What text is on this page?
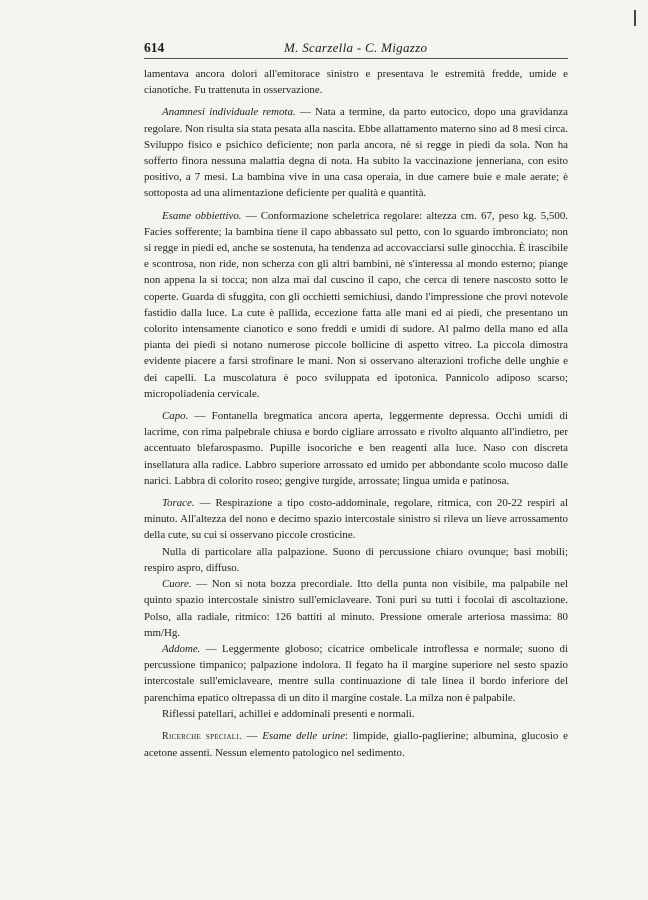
614	M. Scarzella - C. Migazzo

lamentava ancora dolori all'emitorace sinistro e presentava le estremità fredde, umide e cianotiche. Fu trattenuta in osservazione.

Anamnesi individuale remota. — Nata a termine, da parto eutocico, dopo una gravidanza regolare. Non risulta sia stata pesata alla nascita. Ebbe allattamento materno sino ad 8 mesi circa. Sviluppo fisico e psichico deficiente; non parla ancora, nè si regge in piedi da sola. Non ha sofferto finora nessuna malattia degna di nota. Ha subito la vaccinazione jenneriana, con esito positivo, a 7 mesi. La bambina vive in una casa operaia, in due camere buie e male aerate; è sottoposta ad una alimentazione deficiente per qualità e quantità.

Esame obbiettivo. — Conformazione scheletrica regolare: altezza cm. 67, peso kg. 5,500. Facies sofferente; la bambina tiene il capo abbassato sul petto, con lo sguardo imbronciato; non si regge in piedi ed, anche se sostenuta, ha tendenza ad accovacciarsi sulle ginocchia. È irascibile e scontrosa, non ride, non scherza con gli altri bambini, nè s'interessa al mondo esterno; piange non appena la si tocca; non alza mai dal cuscino il capo, che cerca di tenere nascosto sotto le coperte. Guarda di sfuggita, con gli occhietti semichiusi, dando l'impressione che provi notevole fastidio dalla luce. La cute è pallida, eccezione fatta alle mani ed ai piedi, che presentano un colorito intensamente cianotico e sono freddi e umidi di sudore. Al palmo della mano ed alla pianta dei piedi si notano numerose piccole bollicine di aspetto vitreo. La piccola dimostra evidente piacere a farsi strofinare le mani. Non si osservano alterazioni trofiche delle unghie e dei capelli. La muscolatura è poco sviluppata ed ipotonica. Pannicolo adiposo scarso; micropoliadenia cervicale.

Capo. — Fontanella bregmatica ancora aperta, leggermente depressa. Occhi umidi di lacrime, con rima palpebrale chiusa e bordo cigliare arrossato e rivolto alquanto all'indietro, per accentuato blefarospasmo. Pupille isocoriche e ben reagenti alla luce. Naso con discreta insellatura alla radice. Labbro superiore arrossato ed umido per abbondante scolo mucoso dalle narici. Labbra di colorito roseo; gengive turgide, arrossate; lingua umida e patinosa.

Torace. — Respirazione a tipo costo-addominale, regolare, ritmica, con 20-22 respiri al minuto. All'altezza del nono e decimo spazio intercostale sinistro si rileva un lieve arrossamento della cute, su cui si osservano piccole crosticine.

Nulla di particolare alla palpazione. Suono di percussione chiaro ovunque; basi mobili; respiro aspro, diffuso.

Cuore. — Non si nota bozza precordiale. Itto della punta non visibile, ma palpabile nel quinto spazio intercostale sinistro sull'emiclaveare. Toni puri su tutti i focolai di ascoltazione. Polso, alla radiale, ritmico: 126 battiti al minuto. Pressione omerale arteriosa massima: 80 mm/Hg.

Addome. — Leggermente globoso; cicatrice ombelicale introflessa e normale; suono di percussione timpanico; palpazione indolora. Il fegato ha il margine superiore nel sesto spazio intercostale sull'emiclaveare, mentre sulla continuazione di tale linea il bordo inferiore del parenchima epatico oltrepassa di un dito il margine costale. La milza non è palpabile.

Riflessi patellari, achillei e addominali presenti e normali.

Ricerche speciali. — Esame delle urine: limpide, giallo-paglierine; albumina, glucosio e acetone assenti. Nessun elemento patologico nel sedimento.
